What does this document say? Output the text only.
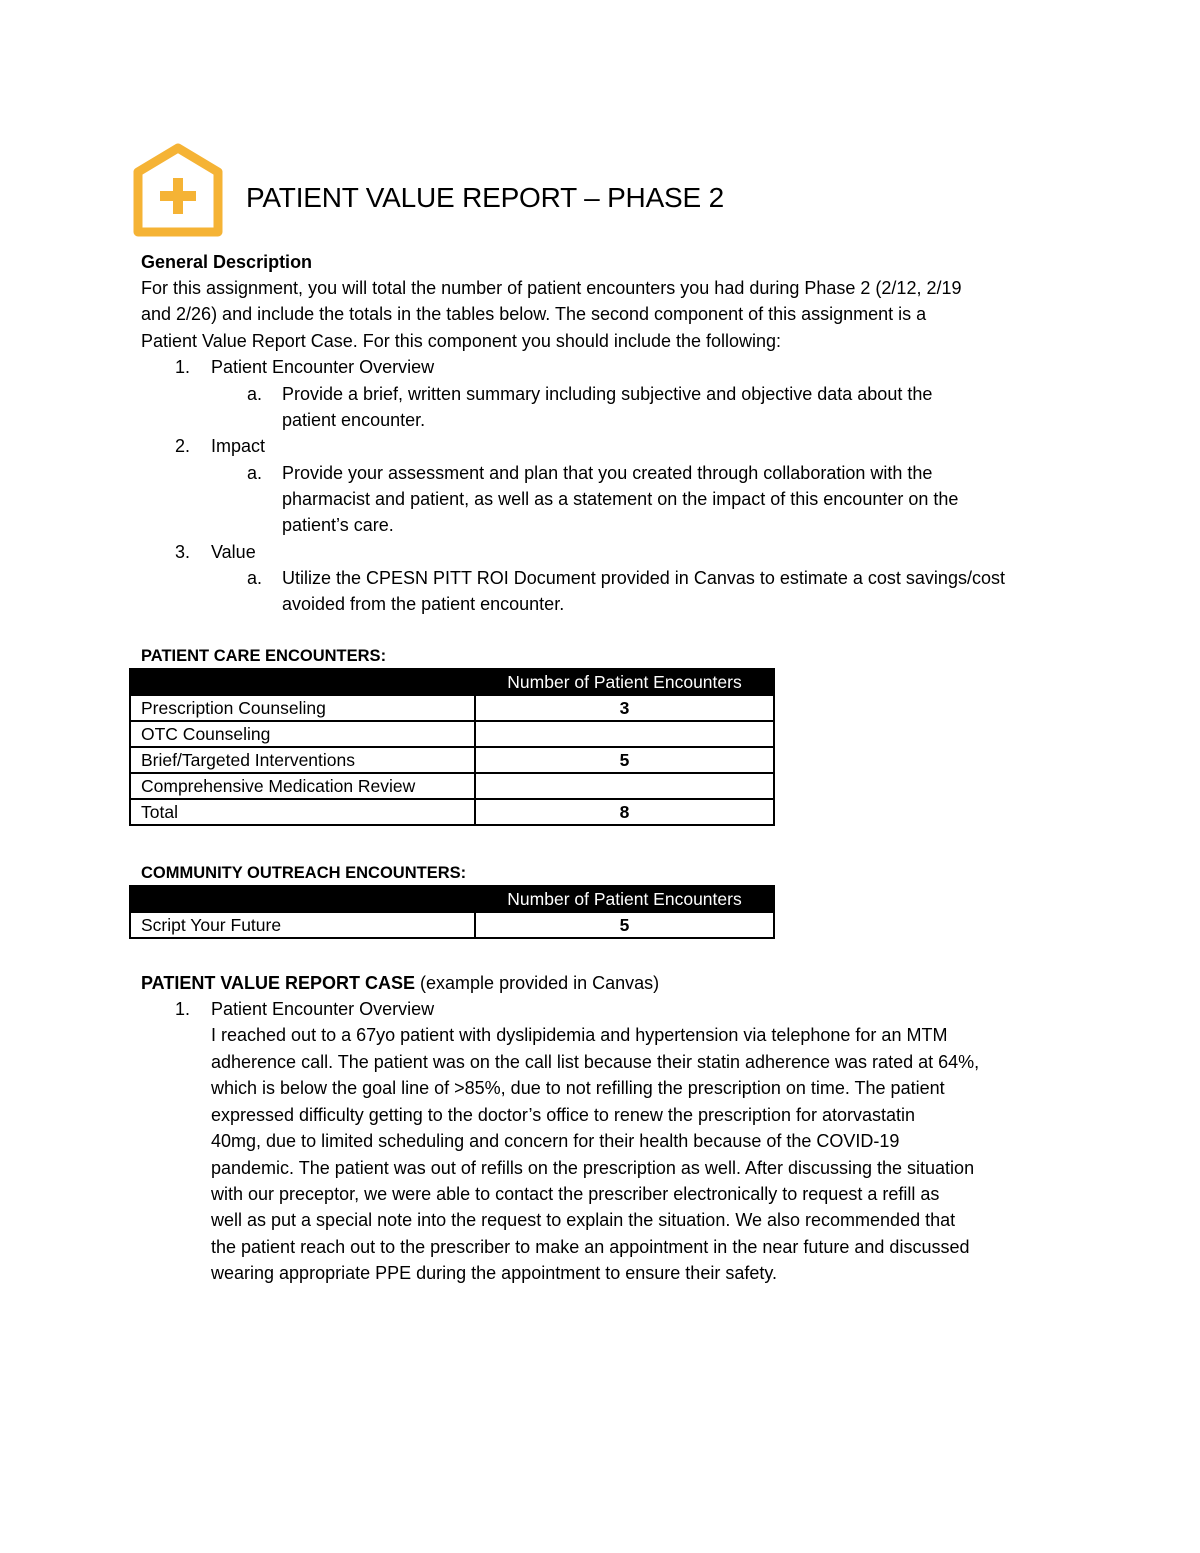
PATIENT VALUE REPORT – PHASE 2
General Description
For this assignment, you will total the number of patient encounters you had during Phase 2 (2/12, 2/19
and 2/26) and include the totals in the tables below. The second component of this assignment is a
Patient Value Report Case. For this component you should include the following:
1. Patient Encounter Overview
a. Provide a brief, written summary including subjective and objective data about the
patient encounter.
2. Impact
a. Provide your assessment and plan that you created through collaboration with the
pharmacist and patient, as well as a statement on the impact of this encounter on the
patient’s care.
3. Value
a. Utilize the CPESN PITT ROI Document provided in Canvas to estimate a cost savings/cost
avoided from the patient encounter.
PATIENT CARE ENCOUNTERS:
	Number of Patient Encounters
Prescription Counseling	3
OTC Counseling	
Brief/Targeted Interventions	5
Comprehensive Medication Review	
Total	8
COMMUNITY OUTREACH ENCOUNTERS:
	Number of Patient Encounters
Script Your Future	5
PATIENT VALUE REPORT CASE (example provided in Canvas)
1. Patient Encounter Overview
I reached out to a 67yo patient with dyslipidemia and hypertension via telephone for an MTM
adherence call. The patient was on the call list because their statin adherence was rated at 64%,
which is below the goal line of >85%, due to not refilling the prescription on time. The patient
expressed difficulty getting to the doctor’s office to renew the prescription for atorvastatin
40mg, due to limited scheduling and concern for their health because of the COVID-19
pandemic. The patient was out of refills on the prescription as well. After discussing the situation
with our preceptor, we were able to contact the prescriber electronically to request a refill as
well as put a special note into the request to explain the situation. We also recommended that
the patient reach out to the prescriber to make an appointment in the near future and discussed
wearing appropriate PPE during the appointment to ensure their safety.
